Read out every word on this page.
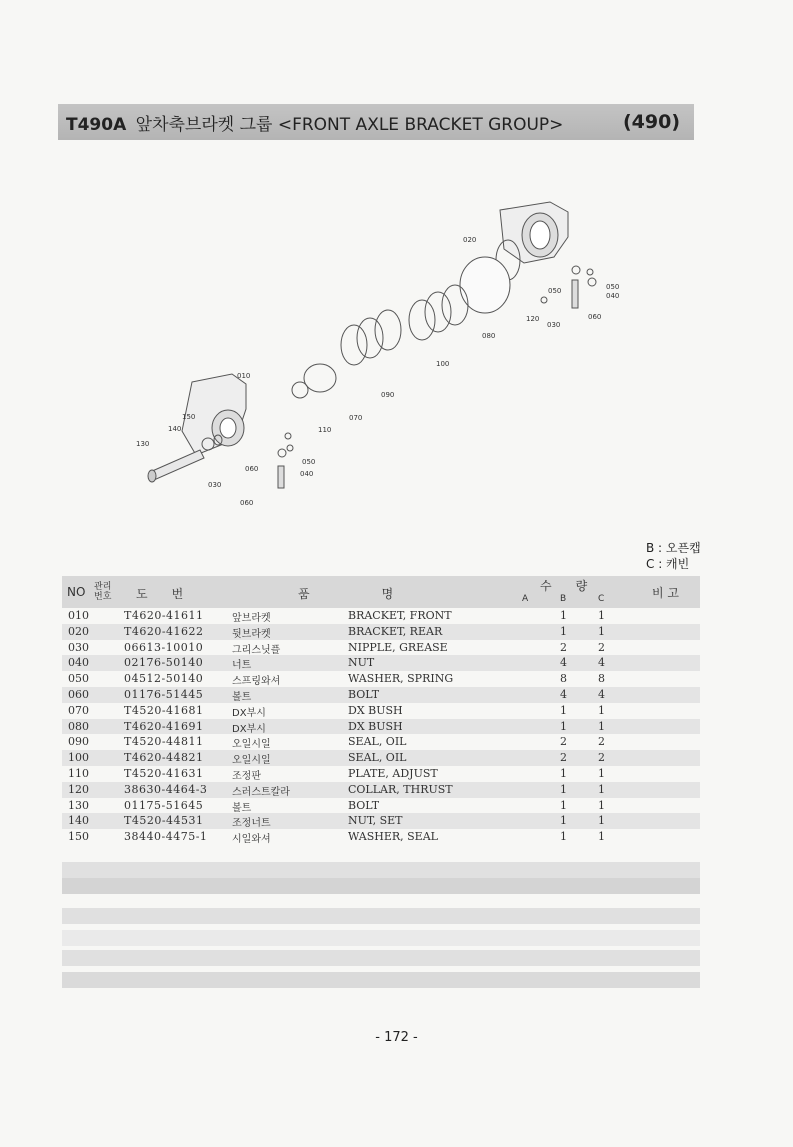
T490A 앞차축브라켓 그룹 <FRONT AXLE BRACKET GROUP>	(490)
020
050
040
050
060
120
030
080
100
090
010
070
110
150
140
130
050
040
060
030
060
B : 오픈캡
C : 캐빈
NO 관리
번호	도　　번	품　　　　　　명
수　　량
A	B	C	비 고
010	T4620-41611	앞브라켓	BRACKET, FRONT	1	1
020	T4620-41622	뒷브라켓	BRACKET, REAR	1	1
030	06613-10010	그리스닛플	NIPPLE, GREASE	2	2
040	02176-50140	너트	NUT	4	4
050	04512-50140	스프링와셔	WASHER, SPRING	8	8
060	01176-51445	볼트	BOLT	4	4
070	T4520-41681	DX부시	DX BUSH	1	1
080	T4620-41691	DX부시	DX BUSH	1	1
090	T4520-44811	오일시일	SEAL, OIL	2	2
100	T4620-44821	오일시일	SEAL, OIL	2	2
110	T4520-41631	조정판	PLATE, ADJUST	1	1
120	38630-4464-3 스러스트칼라	COLLAR, THRUST	1	1
130	01175-51645	볼트	BOLT	1	1
140	T4520-44531	조정너트	NUT, SET	1	1
150	38440-4475-1 시일와셔	WASHER, SEAL	1	1
- 172 -
